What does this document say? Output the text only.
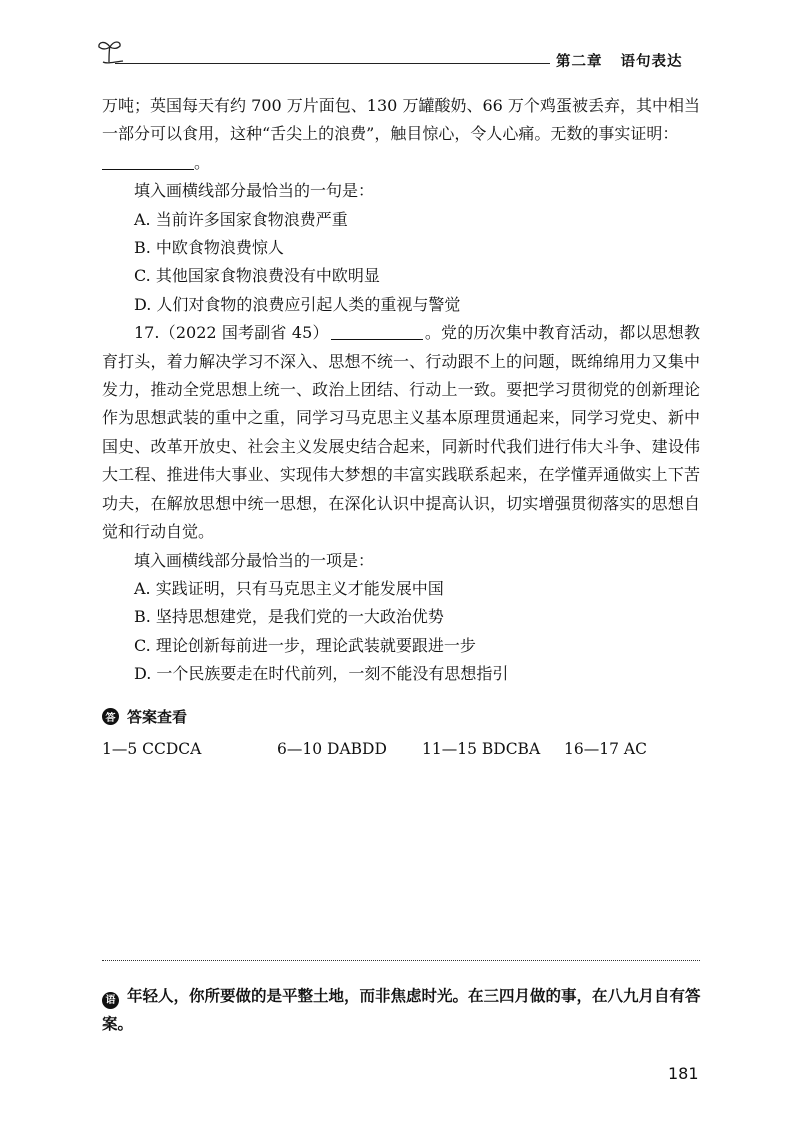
第二章 语句表达

万吨；英国每天有约 700 万片面包、130 万罐酸奶、66 万个鸡蛋被丢弃，其中相当一部分可以食用，这种“舌尖上的浪费”，触目惊心，令人心痛。无数的事实证明：

。

填入画横线部分最恰当的一句是：

A. 当前许多国家食物浪费严重

B. 中欧食物浪费惊人

C. 其他国家食物浪费没有中欧明显

D. 人们对食物的浪费应引起人类的重视与警觉

17.（2022 国考副省 45）	。党的历次集中教育活动，都以思想教育打头，着力解决学习不深入、思想不统一、行动跟不上的问题，既绵绵用力又集中发力，推动全党思想上统一、政治上团结、行动上一致。要把学习贯彻党的创新理论作为思想武装的重中之重，同学习马克思主义基本原理贯通起来，同学习党史、新中国史、改革开放史、社会主义发展史结合起来，同新时代我们进行伟大斗争、建设伟大工程、推进伟大事业、实现伟大梦想的丰富实践联系起来，在学懂弄通做实上下苦功夫，在解放思想中统一思想，在深化认识中提高认识，切实增强贯彻落实的思想自觉和行动自觉。

填入画横线部分最恰当的一项是：

A. 实践证明，只有马克思主义才能发展中国

B. 坚持思想建党，是我们党的一大政治优势

C. 理论创新每前进一步，理论武装就要跟进一步

D. 一个民族要走在时代前列，一刻不能没有思想指引

答 答案查看
1—5 CCDCA	6—10 DABDD	11—15 BDCBA	16—17 AC
语 年轻人，你所要做的是平整土地，而非焦虑时光。在三四月做的事，在八九月自有答案。
181
